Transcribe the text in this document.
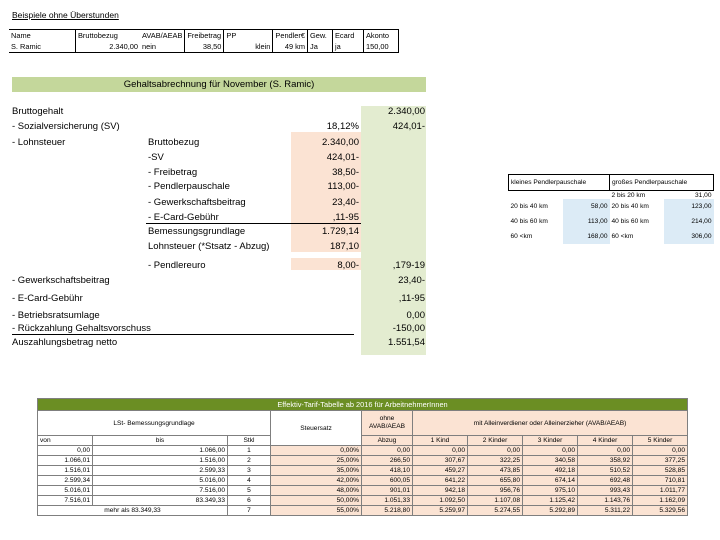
Beispiele ohne Überstunden
Name	Bruttobezug	AVAB/AEAB	Freibetrag	PP		Pendler€	Gew.	Ecard	Akonto
S. Ramic	2.340,00	nein	38,50	klein		49 km	Ja	ja	150,00
Gehaltsabrechnung für November (S. Ramic)
Bruttogehalt	2.340,00
- Sozialversicherung (SV)	18,12%	424,01-
- Lohnsteuer	Bruttobezug	2.340,00
-SV	424,01-
- Freibetrag	38,50-
- Pendlerpauschale	113,00-
- Gewerkschaftsbeitrag	23,40-
- E-Card-Gebühr	,11-95
Bemessungsgrundlage	1.729,14
Lohnsteuer (*Stsatz - Abzug)	187,10
- Pendlereuro	8,00-	,179-19
- Gewerkschaftsbeitrag	23,40-
- E-Card-Gebühr	,11-95
- Betriebsratsumlage	0,00
- Rückzahlung Gehaltsvorschuss	-150,00
Auszahlungsbetrag netto	1.551,54
kleines Pendlerpauschale		großes Pendlerpauschale	
		2 bis 20 km	31,00
20 bis 40 km	58,00	20 bis 40 km	123,00
40 bis 60 km	113,00	40 bis 60 km	214,00
60 <km	168,00	60 <km	306,00
Effektiv-Tarif-Tabelle ab 2016 für ArbeitnehmerInnen									
LSt- Bemessungsgrundlage			Steuersatz	ohne AVAB/AEAB	mit Alleinverdiener oder Alleinerzieher (AVAB/AEAB)				
von	bis	Stkl		Abzug	1 Kind	2 Kinder	3 Kinder	4 Kinder	5 Kinder
0,00	1.066,00	1	0,00%	0,00	0,00	0,00	0,00	0,00	0,00
1.066,01	1.516,00	2	25,00%	266,50	307,67	322,25	340,58	358,92	377,25
1.516,01	2.599,33	3	35,00%	418,10	459,27	473,85	492,18	510,52	528,85
2.599,34	5.016,00	4	42,00%	600,05	641,22	655,80	674,14	692,48	710,81
5.016,01	7.516,00	5	48,00%	901,01	942,18	956,76	975,10	993,43	1.011,77
7.516,01	83.349,33	6	50,00%	1.051,33	1.092,50	1.107,08	1.125,42	1.143,76	1.162,09
mehr als 83.349,33		7	55,00%	5.218,80	5.259,97	5.274,55	5.292,89	5.311,22	5.329,56
